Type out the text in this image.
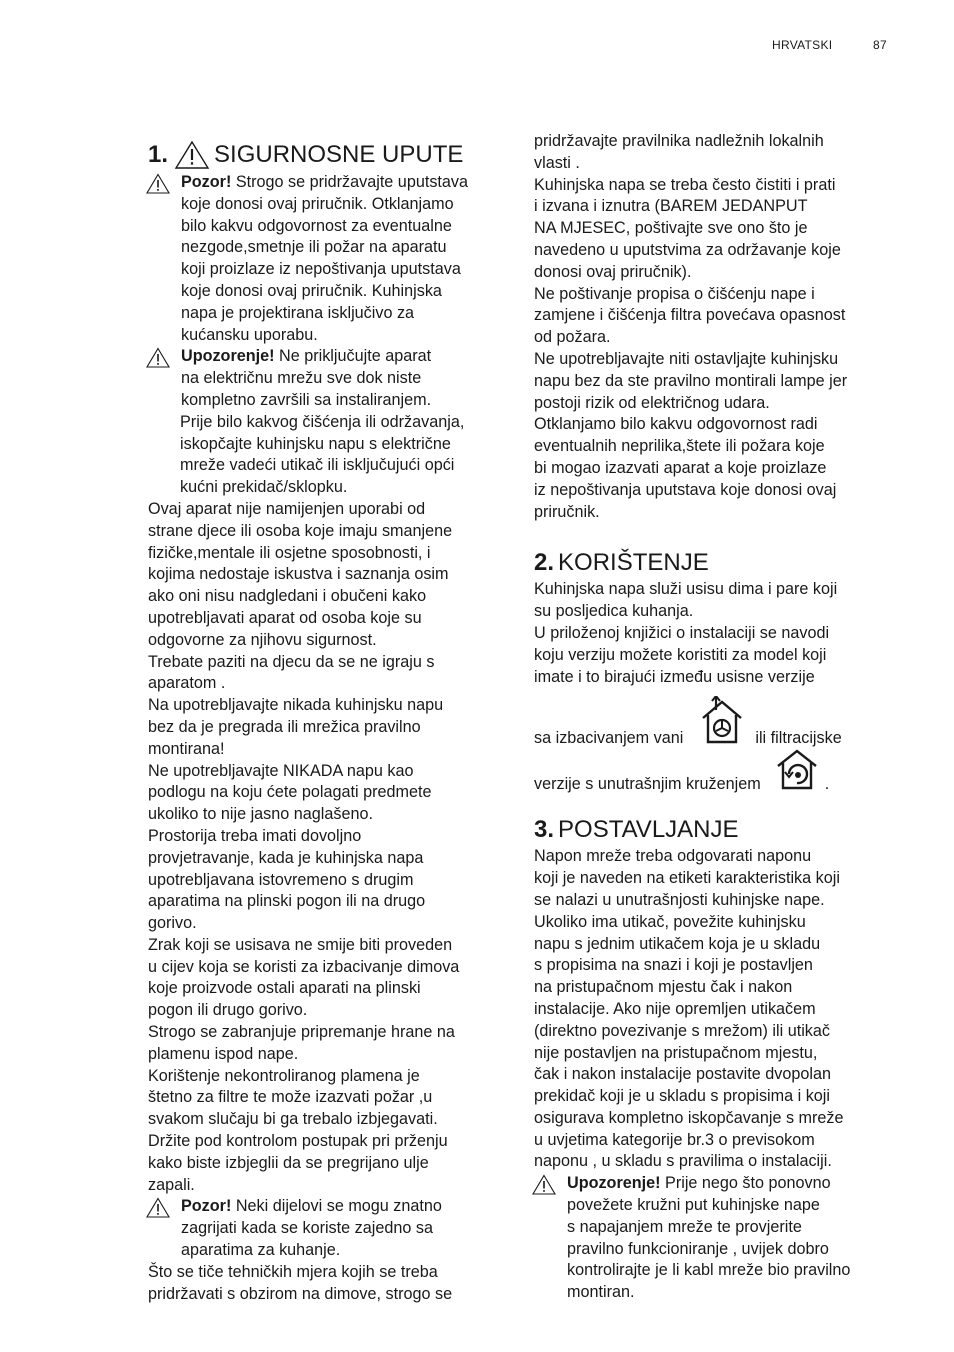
HRVATSKI	87
1. SIGURNOSNE UPUTE

Pozor! Strogo se pridržavajte uputstava
koje donosi ovaj priručnik. Otklanjamo
bilo kakvu odgovornost za eventualne
nezgode,smetnje ili požar na aparatu
koji proizlaze iz nepoštivanja uputstava
koje donosi ovaj priručnik. Kuhinjska
napa je projektirana isključivo za
kućansku uporabu.

Upozorenje! Ne priključujte aparat
na električnu mrežu sve dok niste
kompletno završili sa instaliranjem.

Prije bilo kakvog čišćenja ili održavanja,
iskopčajte kuhinjsku napu s električne
mreže vadeći utikač ili isključujući opći
kućni prekidač/sklopku.

Ovaj aparat nije namijenjen uporabi od
strane djece ili osoba koje imaju smanjene
fizičke,mentale ili osjetne sposobnosti, i
kojima nedostaje iskustva i saznanja osim
ako oni nisu nadgledani i obučeni kako
upotrebljavati aparat od osoba koje su
odgovorne za njihovu sigurnost.
Trebate paziti na djecu da se ne igraju s
aparatom .
Na upotrebljavajte nikada kuhinjsku napu
bez da je pregrada ili mrežica pravilno
montirana!
Ne upotrebljavajte NIKADA napu kao
podlogu na koju ćete polagati predmete
ukoliko to nije jasno naglašeno.
Prostorija treba imati dovoljno
provjetravanje, kada je kuhinjska napa
upotrebljavana istovremeno s drugim
aparatima na plinski pogon ili na drugo
gorivo.
Zrak koji se usisava ne smije biti proveden
u cijev koja se koristi za izbacivanje dimova
koje proizvode ostali aparati na plinski
pogon ili drugo gorivo.
Strogo se zabranjuje pripremanje hrane na
plamenu ispod nape.
Korištenje nekontroliranog plamena je
štetno za filtre te može izazvati požar ,u
svakom slučaju bi ga trebalo izbjegavati.
Držite pod kontrolom postupak pri prženju
kako biste izbjeglii da se pregrijano ulje
zapali.

Pozor! Neki dijelovi se mogu znatno
zagrijati kada se koriste zajedno sa
aparatima za kuhanje.

Što se tiče tehničkih mjera kojih se treba
pridržavati s obzirom na dimove, strogo se

pridržavajte pravilnika nadležnih lokalnih
vlasti .
Kuhinjska napa se treba često čistiti i prati
i izvana i iznutra (BAREM JEDANPUT
NA MJESEC, poštivajte sve ono što je
navedeno u uputstvima za održavanje koje
donosi ovaj priručnik).
Ne poštivanje propisa o čišćenju nape i
zamjene i čišćenja filtra povećava opasnost
od požara.
Ne upotrebljavajte niti ostavljajte kuhinjsku
napu bez da ste pravilno montirali lampe jer
postoji rizik od električnog udara.
Otklanjamo bilo kakvu odgovornost radi
eventualnih neprilika,štete ili požara koje
bi mogao izazvati aparat a koje proizlaze
iz nepoštivanja uputstava koje donosi ovaj
priručnik.

2. KORIŠTENJE

Kuhinjska napa služi usisu dima i pare koji
su posljedica kuhanja.
U priloženoj knjižici o instalaciji se navodi
koju verziju možete koristiti za model koji
imate i to birajući između usisne verzije

sa izbacivanjem vani	ili filtracijske
verzije s unutrašnjim kruženjem	.
3. POSTAVLJANJE

Napon mreže treba odgovarati naponu
koji je naveden na etiketi karakteristika koji
se nalazi u unutrašnjosti kuhinjske nape.
Ukoliko ima utikač, povežite kuhinjsku
napu s jednim utikačem koja je u skladu
s propisima na snazi i koji je postavljen
na pristupačnom mjestu čak i nakon
instalacije. Ako nije opremljen utikačem
(direktno povezivanje s mrežom) ili utikač
nije postavljen na pristupačnom mjestu,
čak i nakon instalacije postavite dvopolan
prekidač koji je u skladu s propisima i koji
osigurava kompletno iskopčavanje s mreže
u uvjetima kategorije br.3 o previsokom
naponu , u skladu s pravilima o instalaciji.

Upozorenje! Prije nego što ponovno
povežete kružni put kuhinjske nape
s napajanjem mreže te provjerite
pravilno funkcioniranje , uvijek dobro
kontrolirajte je li kabl mreže bio pravilno
montiran.
